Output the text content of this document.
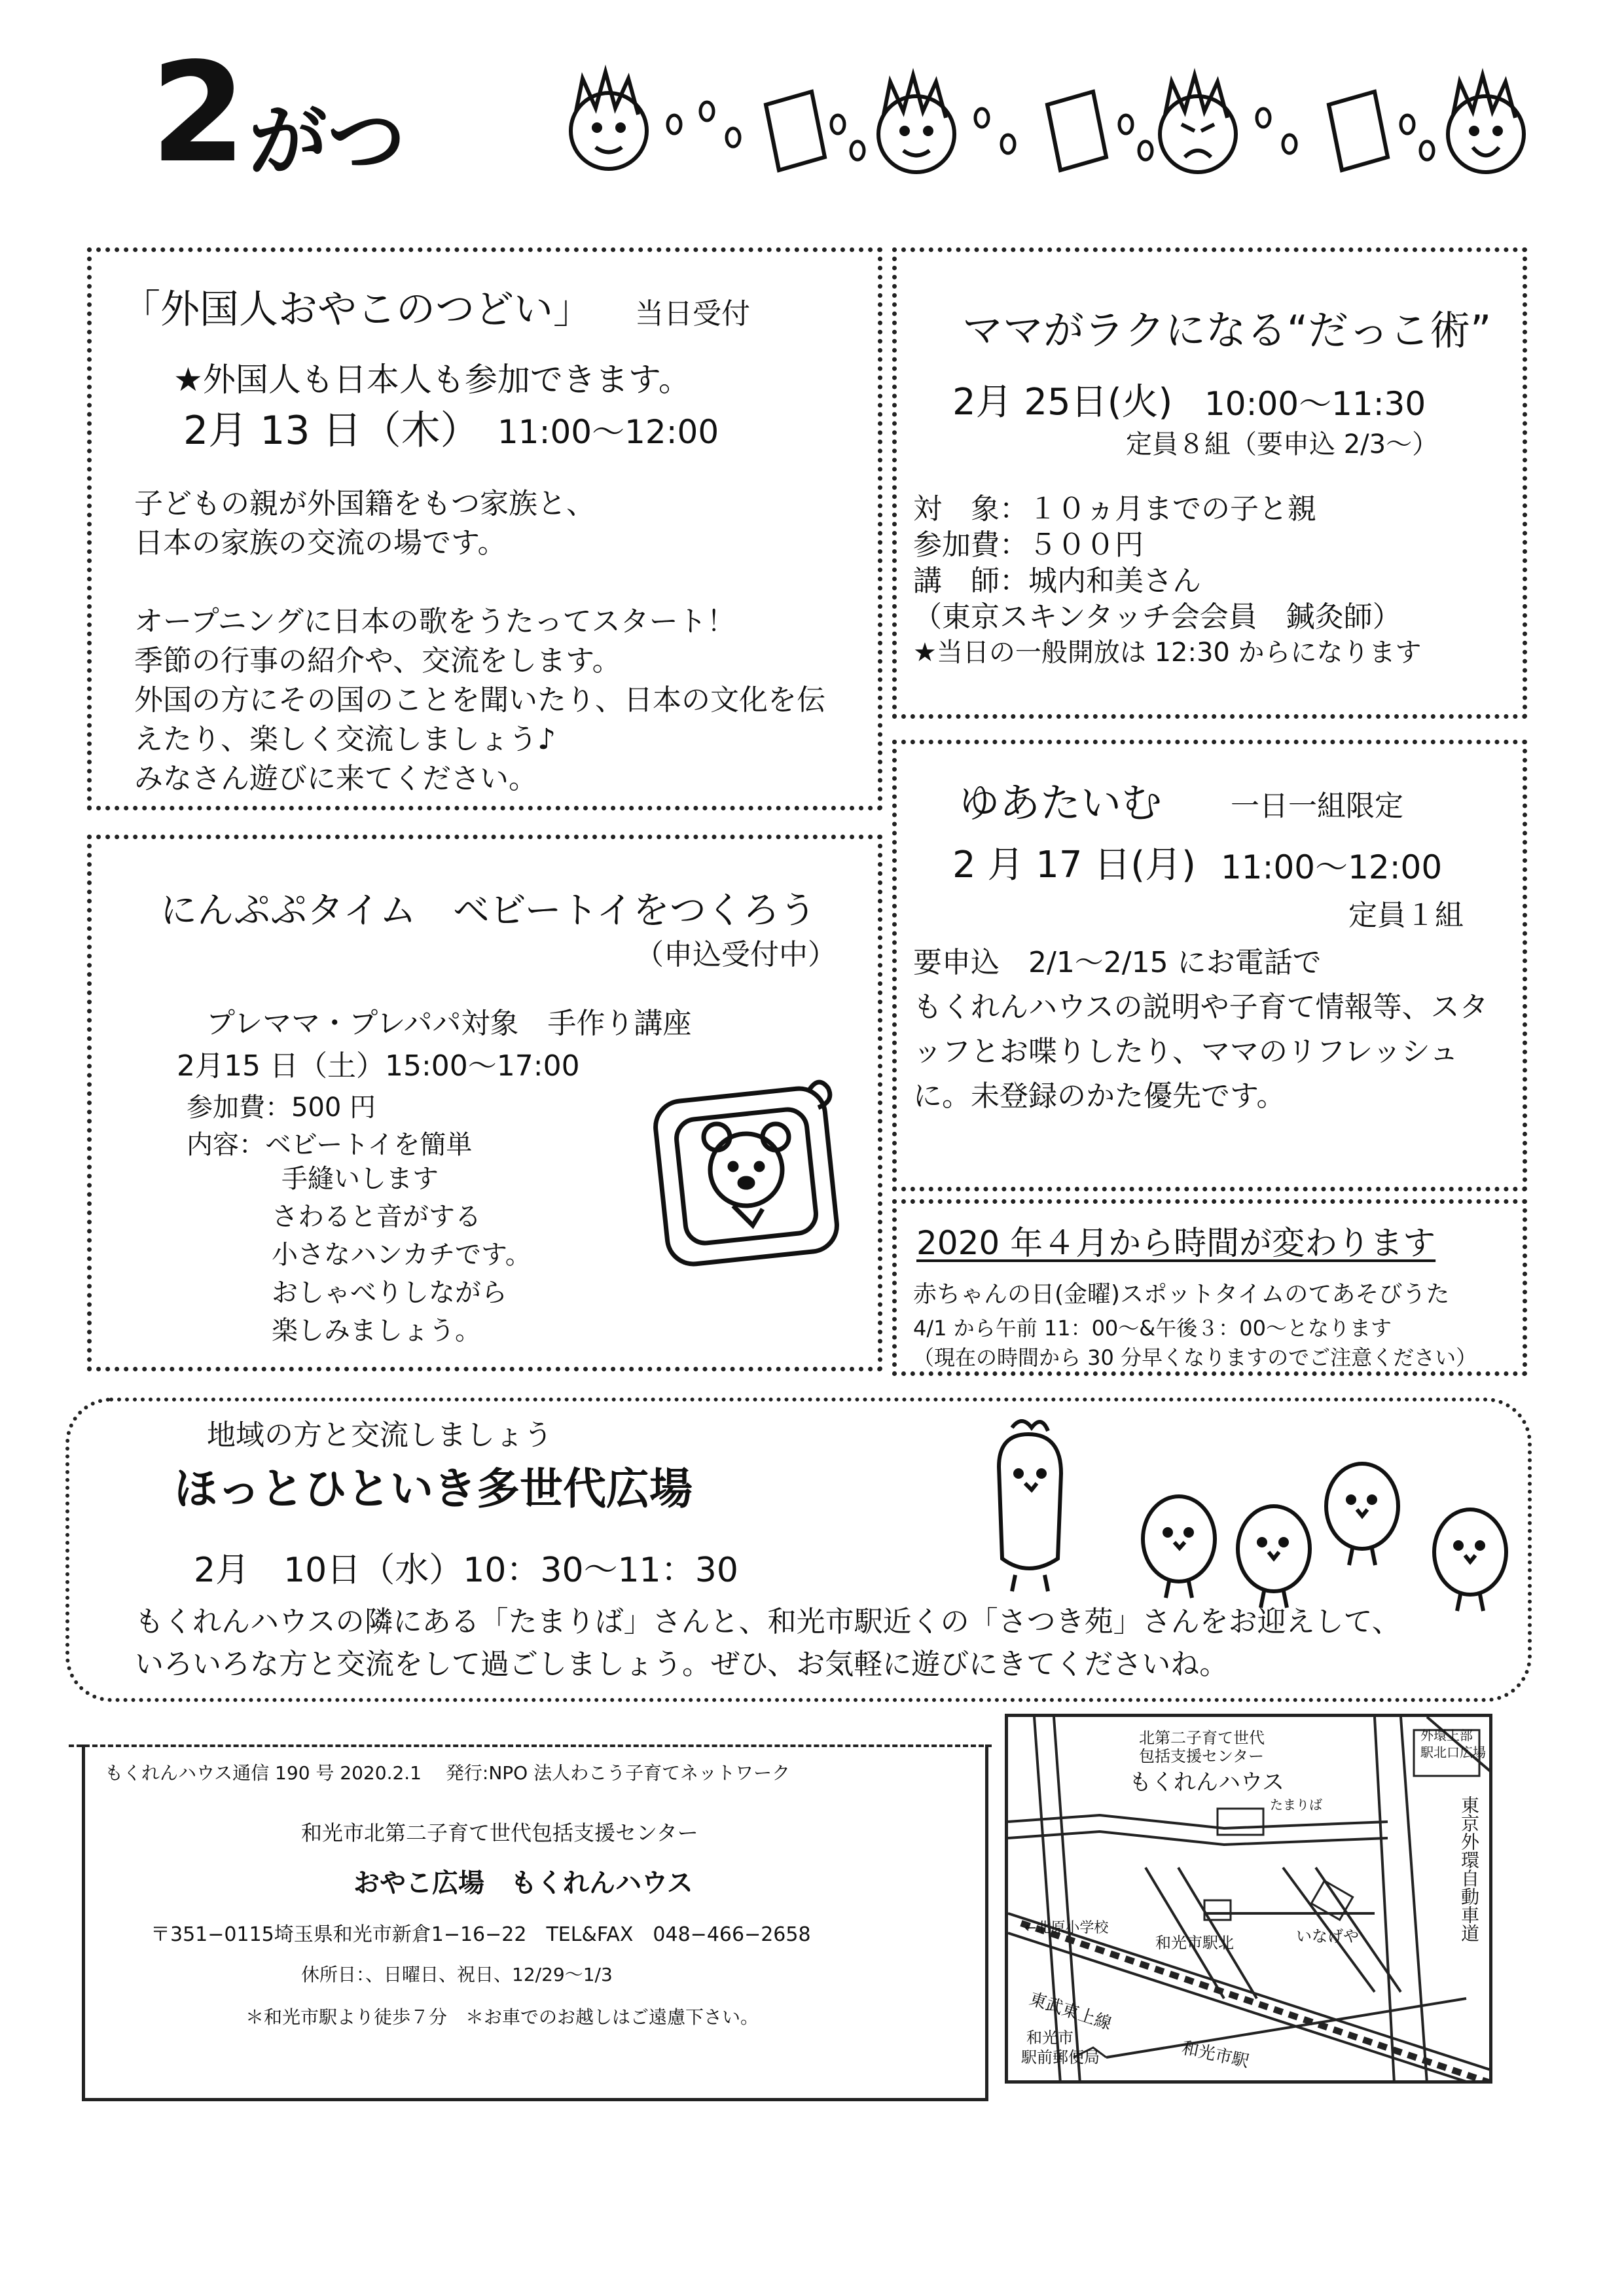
2 がつ
「外国人おやこのつどい」 当日受付
★外国人も日本人も参加できます。
2月 13 日（木） 11:00〜12:00
子どもの親が外国籍をもつ家族と、
日本の家族の交流の場です。
オープニングに日本の歌をうたってスタート！
季節の行事の紹介や、交流をします。
外国の方にその国のことを聞いたり、日本の文化を伝
えたり、楽しく交流しましょう♪
みなさん遊びに来てください。
ママがラクになる“だっこ術”
2月 25日(火) 10:00〜11:30
定員８組（要申込 2/3〜）
対　象：１０ヵ月までの子と親
参加費：５００円
講　師：城内和美さん
（東京スキンタッチ会会員　鍼灸師）
★当日の一般開放は 12:30 からになります
ゆあたいむ 一日一組限定
2 月 17 日(月) 11:00〜12:00
定員１組
要申込　2/1〜2/15 にお電話で
もくれんハウスの説明や子育て情報等、スタ
ッフとお喋りしたり、ママのリフレッシュ
に。未登録のかた優先です。
にんぷぷタイム　ベビートイをつくろう
（申込受付中）
プレママ・プレパパ対象　手作り講座
2月15 日（土）15:00〜17:00
参加費：500 円
内容：ベビートイを簡単
手縫いします
さわると音がする
小さなハンカチです。
おしゃべりしながら
楽しみましょう。
2020 年４月から時間が変わります
赤ちゃんの日(金曜)スポットタイムのてあそびうた
4/1 から午前 11：00〜&午後３：00〜となります
（現在の時間から 30 分早くなりますのでご注意ください）
地域の方と交流しましょう
ほっとひといき多世代広場
2月　10日（水）10：30〜11：30
もくれんハウスの隣にある「たまりば」さんと、和光市駅近くの「さつき苑」さんをお迎えして、
いろいろな方と交流をして過ごしましょう。ぜひ、お気軽に遊びにきてくださいね。
もくれんハウス通信 190 号 2020.2.1　 発行:NPO 法人わこう子育てネットワーク
和光市北第二子育て世代包括支援センター
おやこ広場　もくれんハウス
〒351−0115埼玉県和光市新倉1−16−22　TEL&FAX　048−466−2658
休所日：、日曜日、祝日、12/29〜1/3
＊和光市駅より徒歩７分　＊お車でのお越しはご遠慮下さい。
北第二子育て世代
包括支援センター
もくれんハウス
たまりば
外環上部
駅北口広場
←北原小学校
和光市駅北	いなげや
東武東上線
和光市駅
和光市
駅前郵便局
東京外環自動車道
